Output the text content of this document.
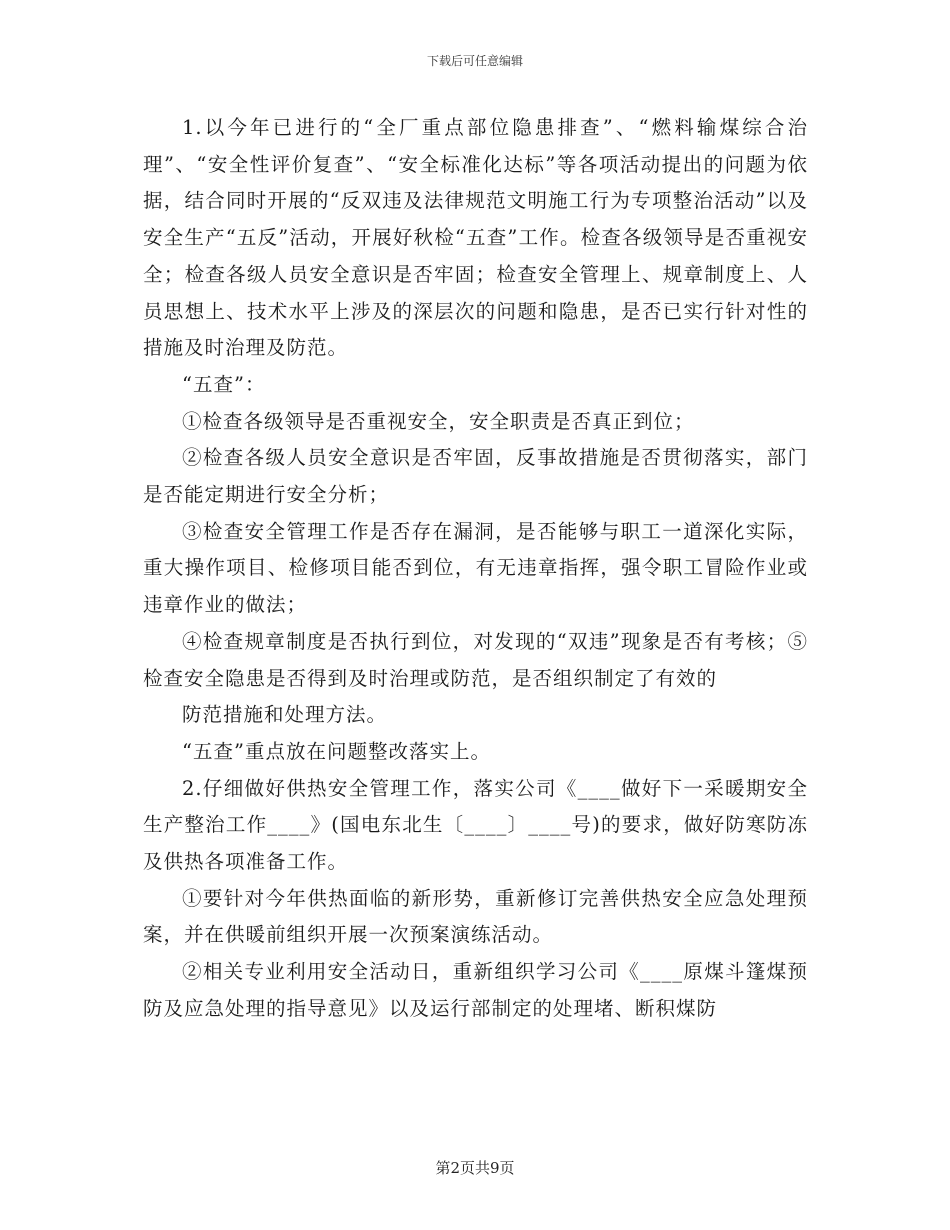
下载后可任意编辑

1.以今年已进行的“全厂重点部位隐患排查”、“燃料输煤综合治理”、“安全性评价复查”、“安全标准化达标”等各项活动提出的问题为依据，结合同时开展的“反双违及法律规范文明施工行为专项整治活动”以及安全生产“五反”活动，开展好秋检“五查”工作。检查各级领导是否重视安全；检查各级人员安全意识是否牢固；检查安全管理上、规章制度上、人员思想上、技术水平上涉及的深层次的问题和隐患，是否已实行针对性的措施及时治理及防范。

“五查”：

①检查各级领导是否重视安全，安全职责是否真正到位；

②检查各级人员安全意识是否牢固，反事故措施是否贯彻落实，部门是否能定期进行安全分析；

③检查安全管理工作是否存在漏洞，是否能够与职工一道深化实际，重大操作项目、检修项目能否到位，有无违章指挥，强令职工冒险作业或违章作业的做法；

④检查规章制度是否执行到位，对发现的“双违”现象是否有考核；⑤检查安全隐患是否得到及时治理或防范，是否组织制定了有效的

防范措施和处理方法。

“五查”重点放在问题整改落实上。

2.仔细做好供热安全管理工作，落实公司《____做好下一采暖期安全生产整治工作____》(国电东北生〔____〕____号)的要求，做好防寒防冻及供热各项准备工作。

①要针对今年供热面临的新形势，重新修订完善供热安全应急处理预案，并在供暖前组织开展一次预案演练活动。

②相关专业利用安全活动日，重新组织学习公司《____原煤斗篷煤预防及应急处理的指导意见》以及运行部制定的处理堵、断积煤防

第2页共9页
